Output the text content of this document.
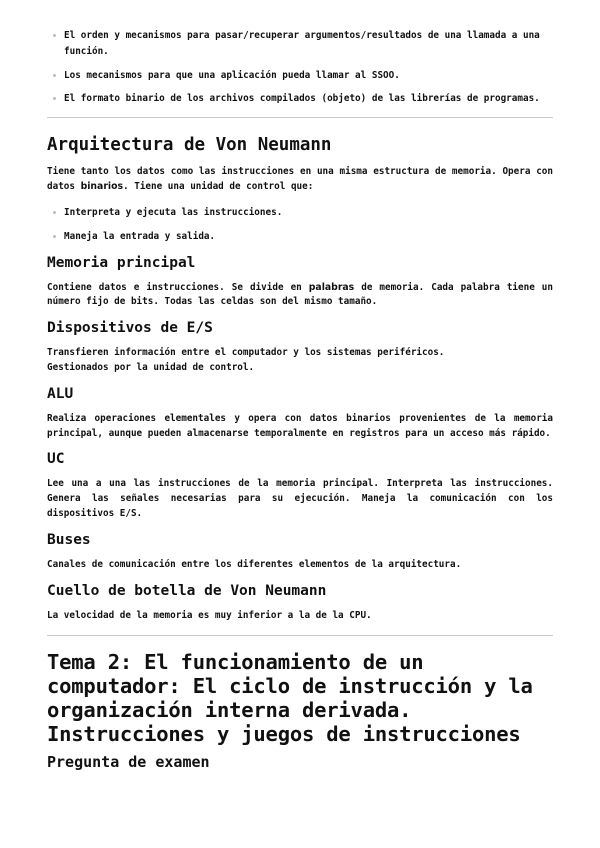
El orden y mecanismos para pasar/recuperar argumentos/resultados de una llamada a una función.
Los mecanismos para que una aplicación pueda llamar al SSOO.
El formato binario de los archivos compilados (objeto) de las librerías de programas.
Arquitectura de Von Neumann

Tiene tanto los datos como las instrucciones en una misma estructura de memoria. Opera con datos binarios. Tiene una unidad de control que:

Interpreta y ejecuta las instrucciones.
Maneja la entrada y salida.
Memoria principal

Contiene datos e instrucciones. Se divide en palabras de memoria. Cada palabra tiene un número fijo de bits. Todas las celdas son del mismo tamaño.

Dispositivos de E/S

Transfieren información entre el computador y los sistemas periféricos.

Gestionados por la unidad de control.

ALU

Realiza operaciones elementales y opera con datos binarios provenientes de la memoria principal, aunque pueden almacenarse temporalmente en registros para un acceso más rápido.

UC

Lee una a una las instrucciones de la memoria principal. Interpreta las instrucciones. Genera las señales necesarias para su ejecución. Maneja la comunicación con los dispositivos E/S.

Buses

Canales de comunicación entre los diferentes elementos de la arquitectura.

Cuello de botella de Von Neumann

La velocidad de la memoria es muy inferior a la de la CPU.

Tema 2: El funcionamiento de un computador: El ciclo de instrucción y la organización interna derivada. Instrucciones y juegos de instrucciones
Pregunta de examen
